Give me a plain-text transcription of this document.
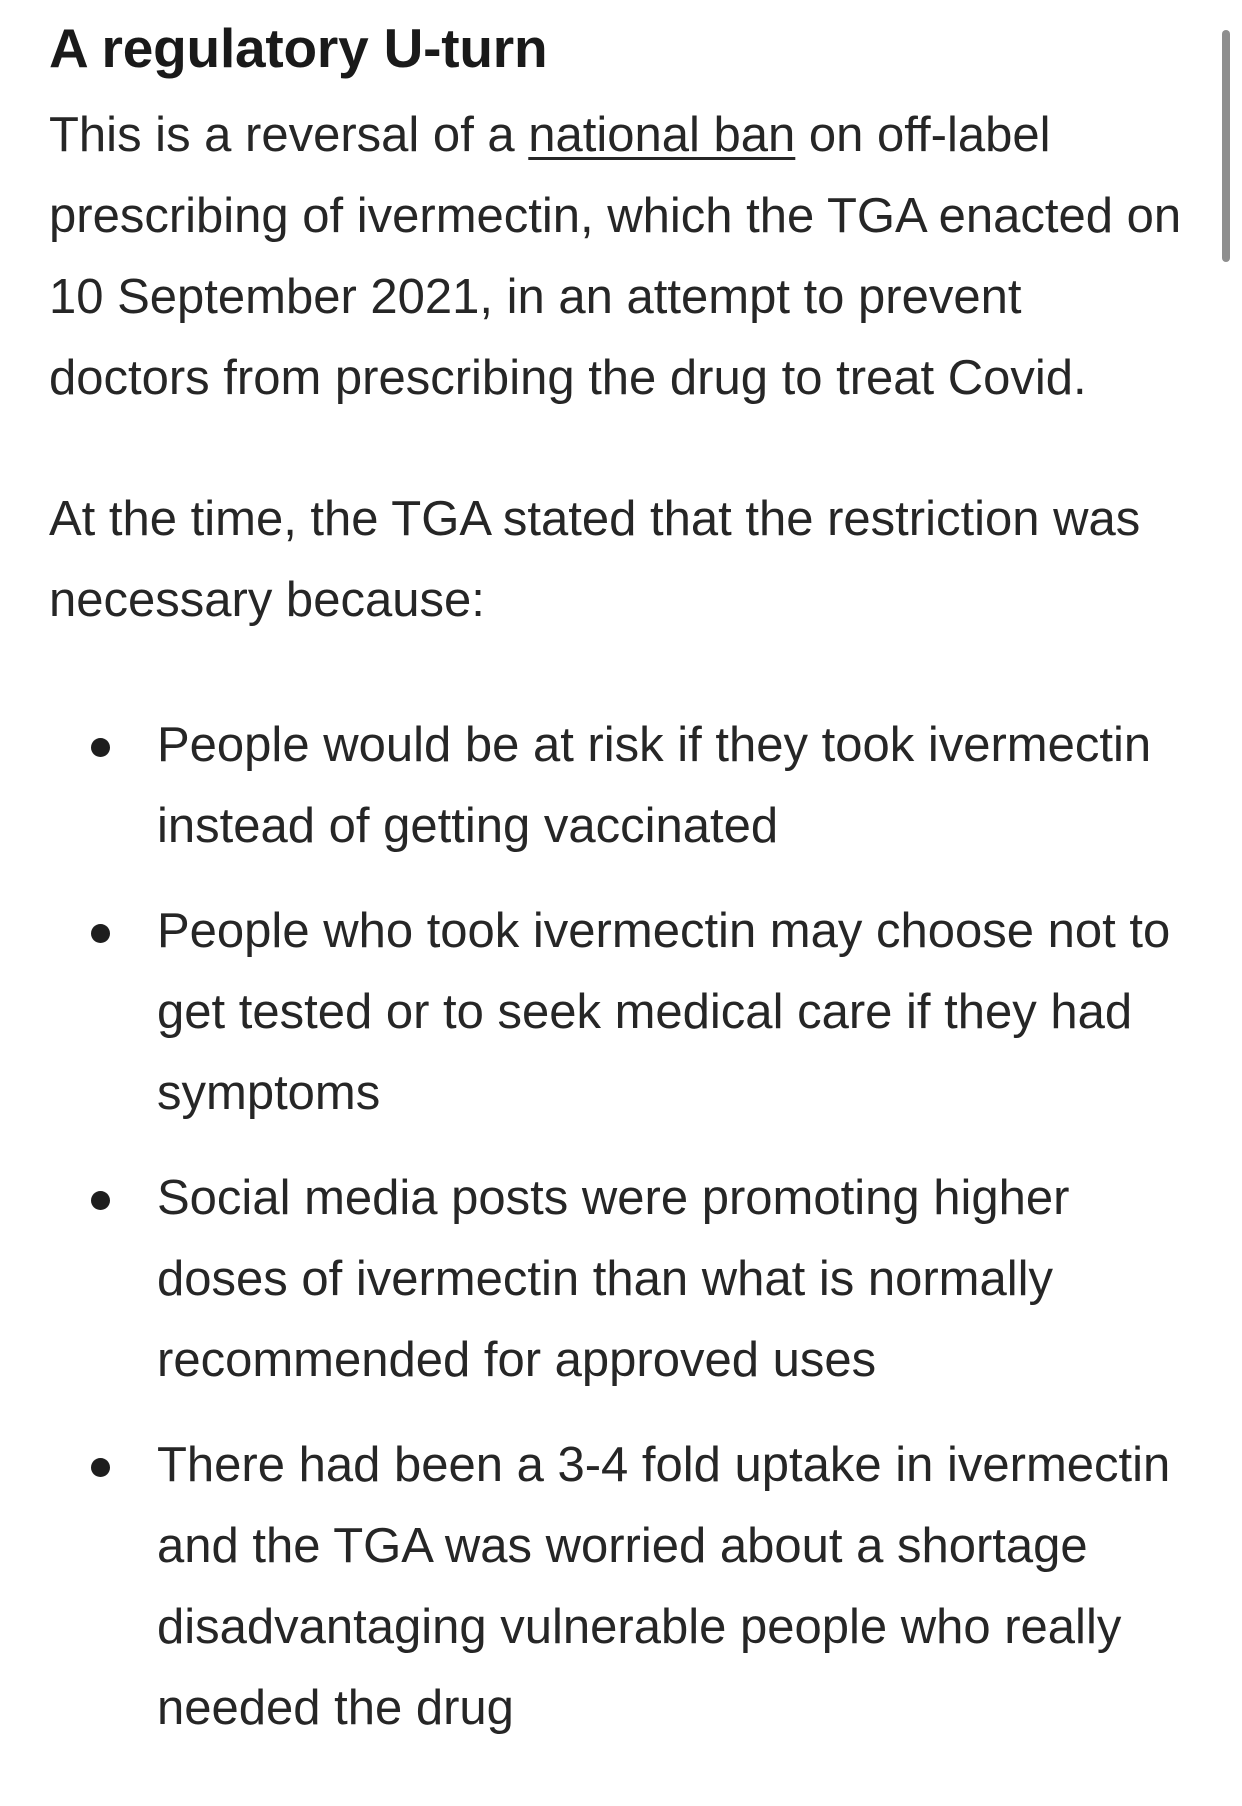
A regulatory U-turn

This is a reversal of a national ban on off-label prescribing of ivermectin, which the TGA enacted on 10 September 2021, in an attempt to prevent doctors from prescribing the drug to treat Covid.

At the time, the TGA stated that the restriction was necessary because:

People would be at risk if they took ivermectin instead of getting vaccinated
People who took ivermectin may choose not to get tested or to seek medical care if they had symptoms
Social media posts were promoting higher doses of ivermectin than what is normally recommended for approved uses
There had been a 3-4 fold uptake in ivermectin and the TGA was worried about a shortage disadvantaging vulnerable people who really needed the drug
